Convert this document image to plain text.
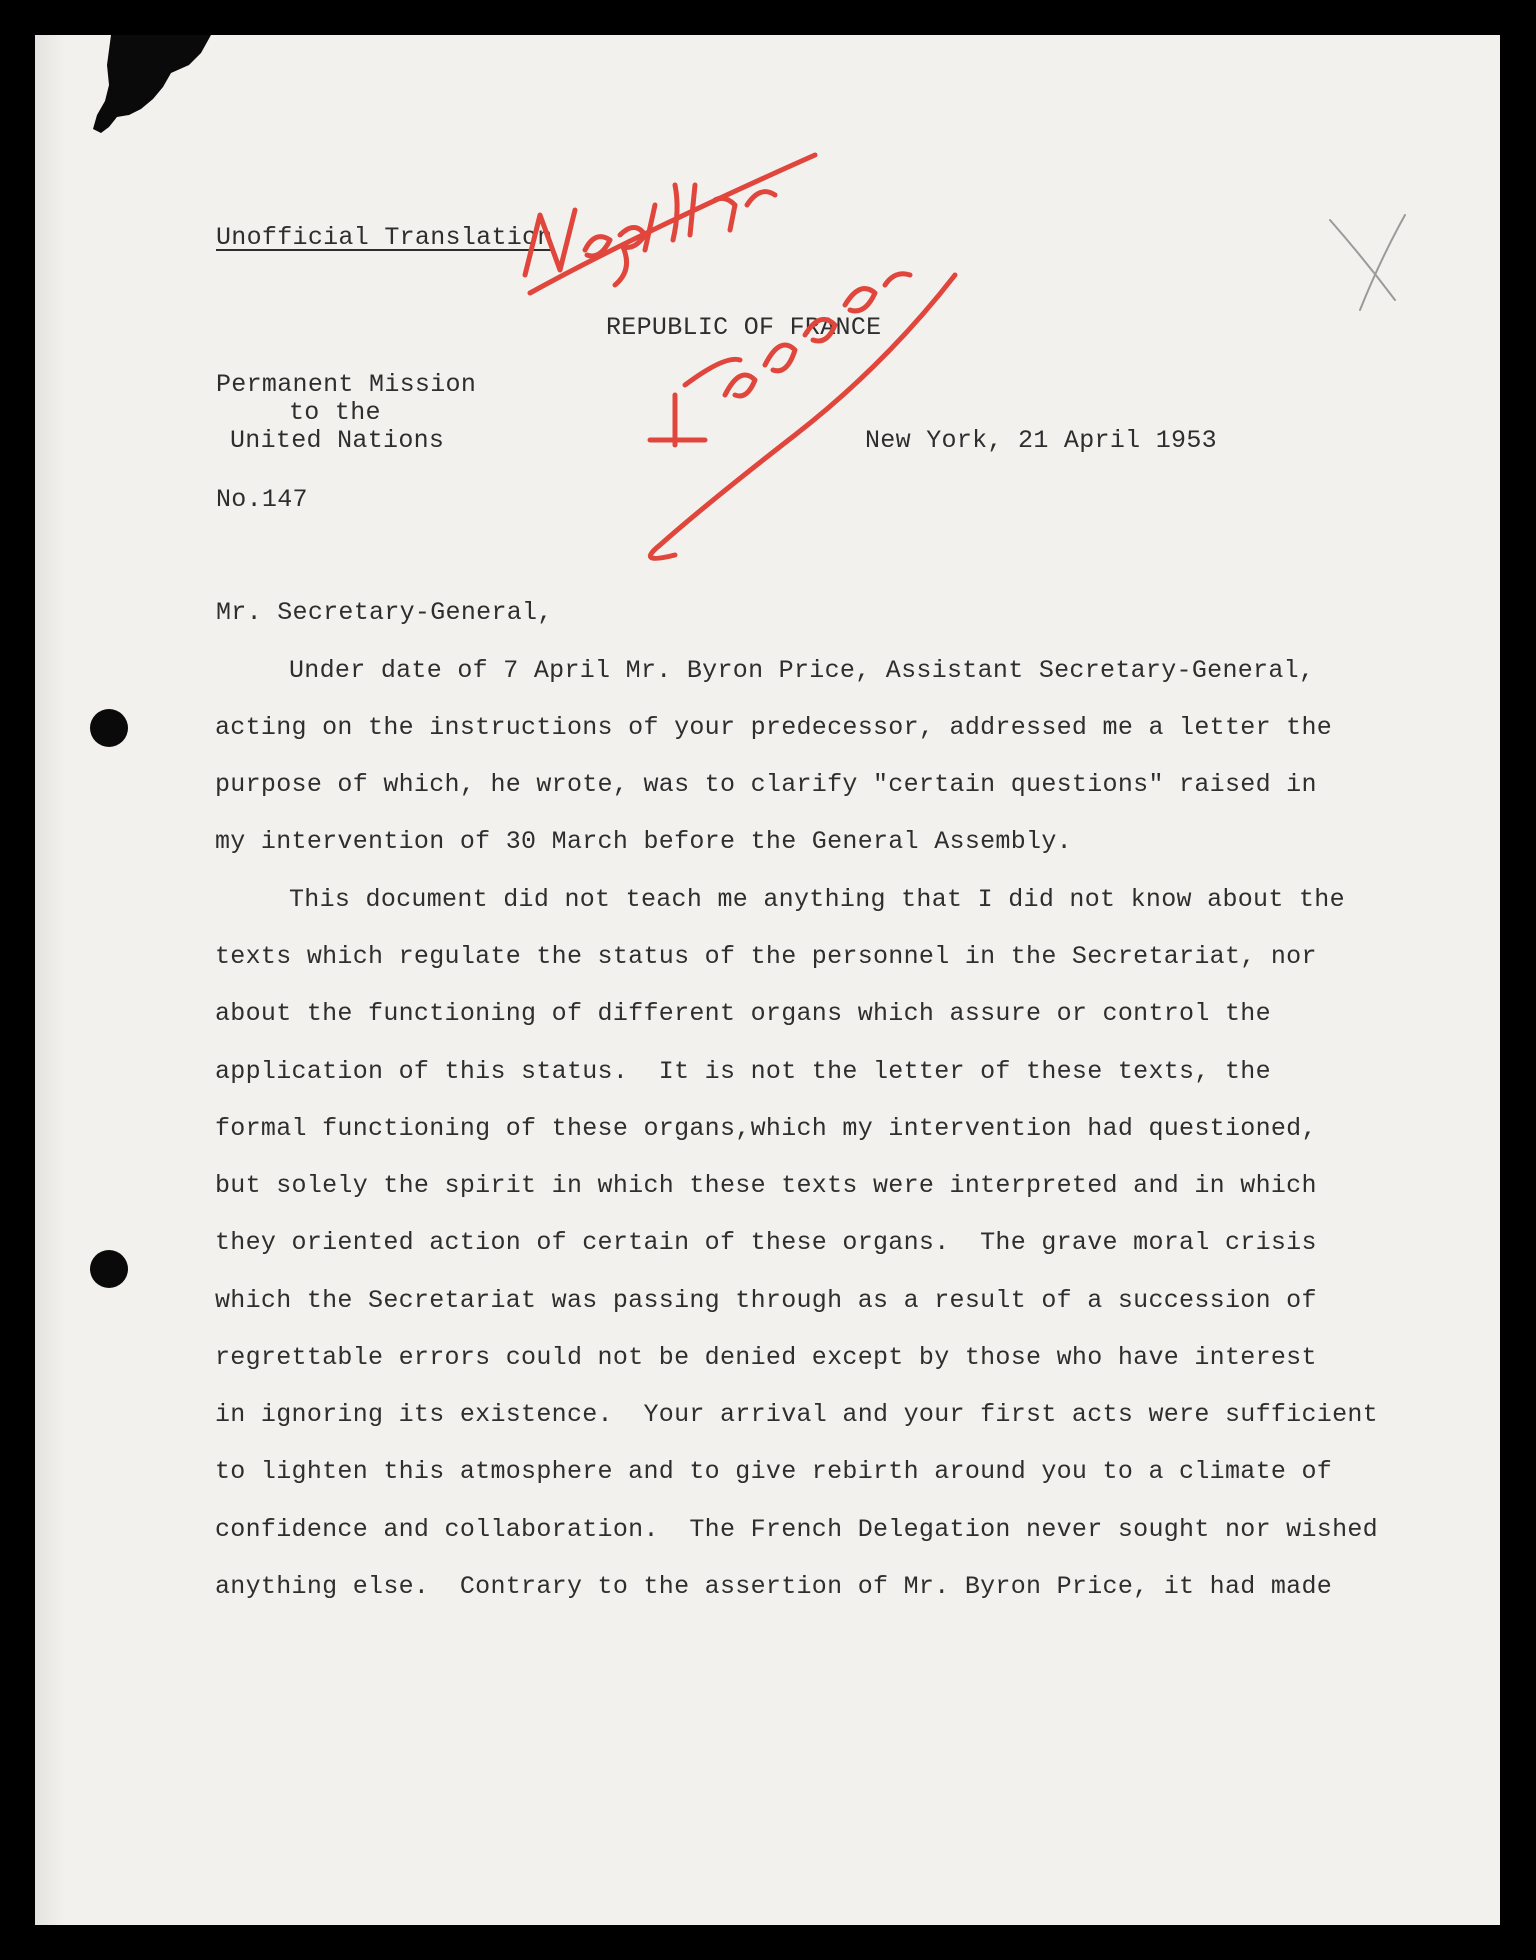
Unofficial Translation
REPUBLIC OF FRANCE
Permanent Mission
to the
United Nations	New York, 21 April 1953
No.147
Mr. Secretary-General,
Under date of 7 April Mr. Byron Price, Assistant Secretary-General,
acting on the instructions of your predecessor, addressed me a letter the
purpose of which, he wrote, was to clarify "certain questions" raised in
my intervention of 30 March before the General Assembly.
This document did not teach me anything that I did not know about the
texts which regulate the status of the personnel in the Secretariat, nor
about the functioning of different organs which assure or control the
application of this status.  It is not the letter of these texts, the
formal functioning of these organs,which my intervention had questioned,
but solely the spirit in which these texts were interpreted and in which
they oriented action of certain of these organs.  The grave moral crisis
which the Secretariat was passing through as a result of a succession of
regrettable errors could not be denied except by those who have interest
in ignoring its existence.  Your arrival and your first acts were sufficient
to lighten this atmosphere and to give rebirth around you to a climate of
confidence and collaboration.  The French Delegation never sought nor wished
anything else.  Contrary to the assertion of Mr. Byron Price, it had made
